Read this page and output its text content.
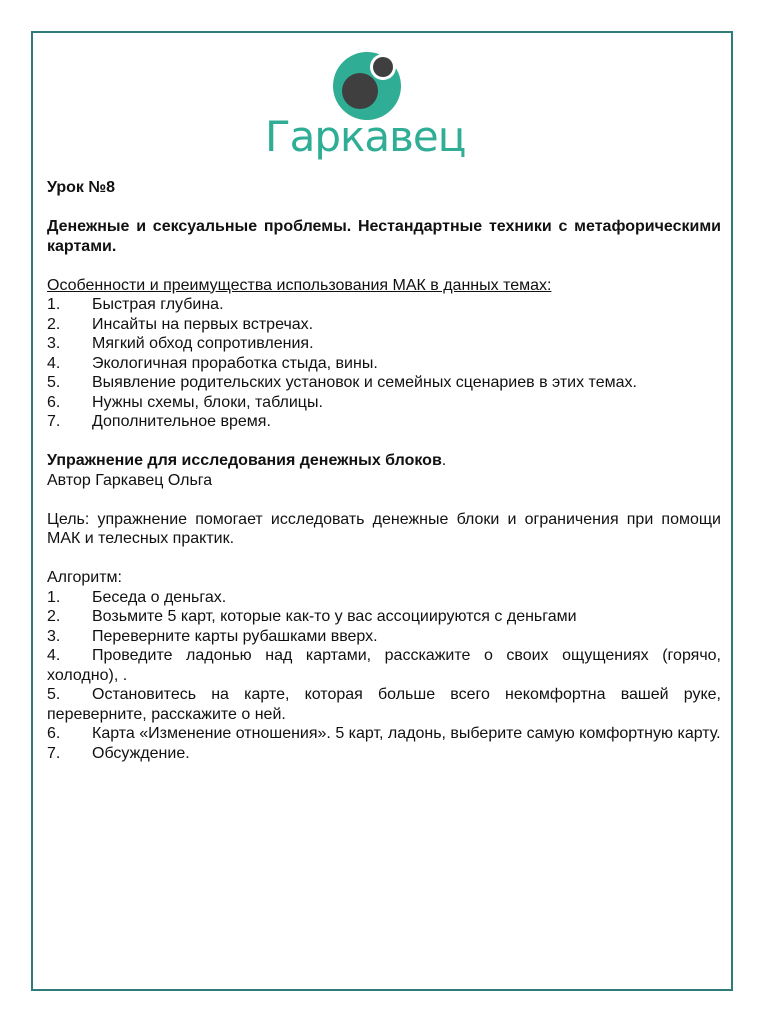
Гаркавец
Урок №8
Денежные и сексуальные проблемы. Нестандартные техники с метафорическими картами.
Особенности и преимущества использования МАК в данных темах:
1.	Быстрая глубина.
2.	Инсайты на первых встречах.
3.	Мягкий обход сопротивления.
4.	Экологичная проработка стыда, вины.
5.	Выявление родительских установок и семейных сценариев в этих темах.
6.	Нужны схемы, блоки, таблицы.
7.	Дополнительное время.
Упражнение для исследования денежных блоков.
Автор Гаркавец Ольга
Цель: упражнение помогает исследовать денежные блоки и ограничения при помощи МАК и телесных практик.
Алгоритм:
1. Беседа о деньгах.
2. Возьмите 5 карт, которые как-то у вас ассоциируются с деньгами
3. Переверните карты рубашками вверх.
4. Проведите ладонью над картами, расскажите о своих ощущениях (горячо, холодно), .
5. Остановитесь на карте, которая больше всего некомфортна вашей руке, переверните, расскажите о ней.
6. Карта «Изменение отношения». 5 карт, ладонь, выберите самую комфортную карту.
7. Обсуждение.
